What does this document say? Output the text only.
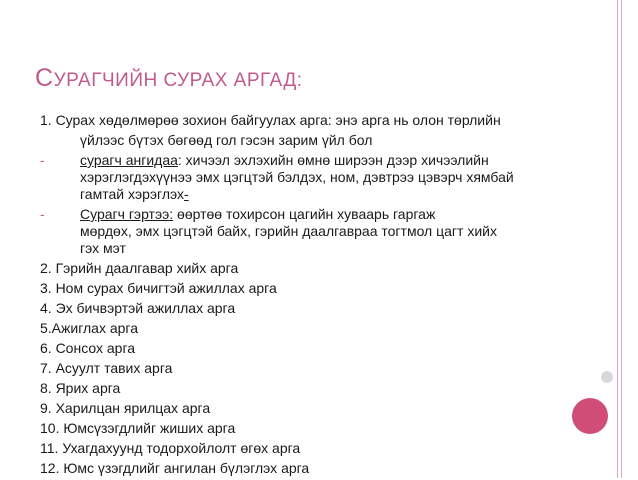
СУРАГЧИЙН СУРАХ АРГАД:
1. Сурах хөдөлмөрөө зохион байгуулах арга: энэ арга нь олон төрлийн
үйлээс бүтэх бөгөөд гол гэсэн зарим үйл бол
-	сурагч ангидаа: хичээл эхлэхийн өмнө ширээн дээр хичээлийн
хэрэглэгдэхүүнээ эмх цэгцтэй бэлдэх, ном, дэвтрээ цэвэрч хямбай
гамтай хэрэглэх-
-	Сурагч гэртээ: өөртөө тохирсон цагийн хуваарь гаргаж
мөрдөх, эмх цэгцтэй байх, гэрийн даалгавраа тогтмол цагт хийх
гэх мэт
2. Гэрийн даалгавар хийх арга
3. Ном сурах бичигтэй ажиллах арга
4. Эх бичвэртэй ажиллах арга
5.Ажиглах арга
6. Сонсох арга
7. Асуулт тавих арга
8. Ярих арга
9. Харилцан ярилцах арга
10. Юмсүзэгдлийг жиших арга
11. Ухагдахуунд тодорхойлолт өгөх арга
12. Юмс үзэгдлийг ангилан бүлэглэх арга
